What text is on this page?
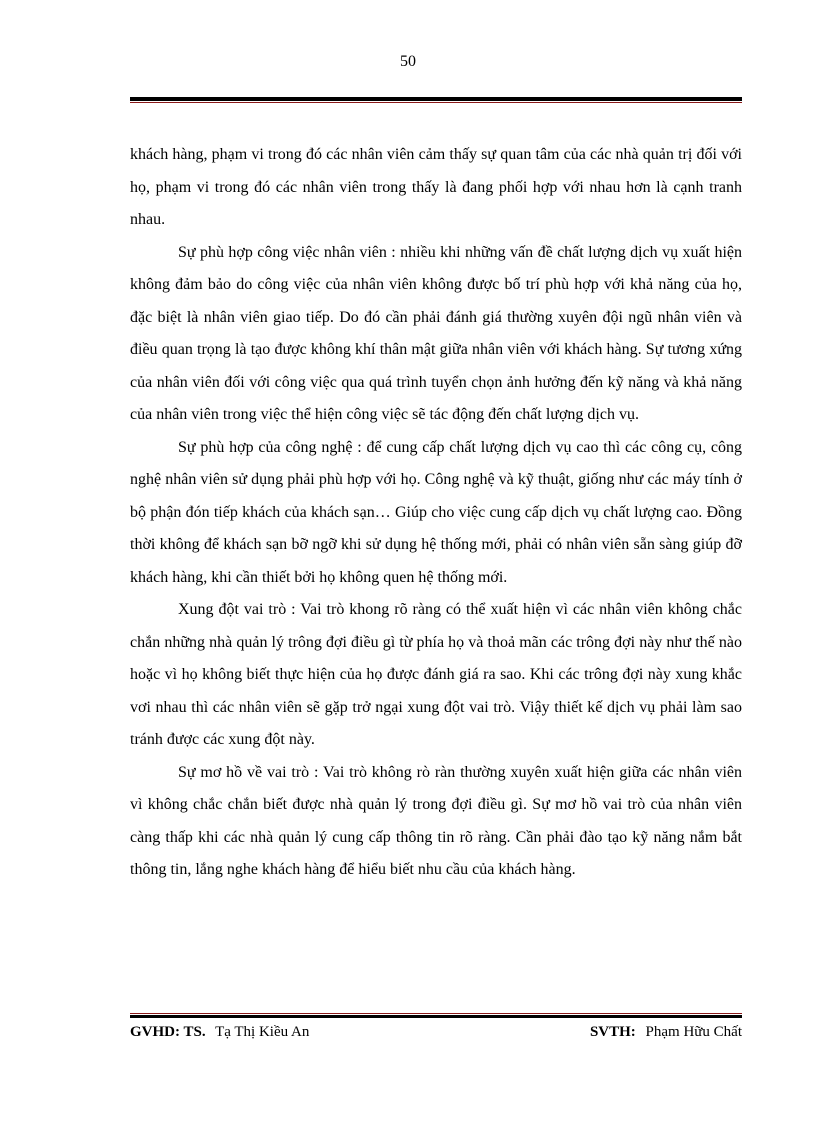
50

khách hàng, phạm vi trong đó các nhân viên cảm thấy sự quan tâm của các nhà quản trị đối với họ, phạm vi trong đó các nhân viên trong thấy là đang phối hợp với nhau hơn là cạnh tranh nhau.

Sự phù hợp công việc nhân viên : nhiều khi những vấn đề chất lượng dịch vụ xuất hiện không đảm bảo do công việc của nhân viên không được bố trí phù hợp với khả năng của họ, đặc biệt là nhân viên giao tiếp. Do đó cần phải đánh giá thường xuyên đội ngũ nhân viên và điều quan trọng là tạo được không khí thân mật giữa nhân viên với khách hàng. Sự tương xứng của nhân viên đối với công việc qua quá trình tuyển chọn ảnh hưởng đến kỹ năng và khả năng của nhân viên trong việc thể hiện công việc sẽ tác động đến chất lượng dịch vụ.

Sự phù hợp của công nghệ : để cung cấp chất lượng dịch vụ cao thì các công cụ, công nghệ nhân viên sử dụng phải phù hợp với họ. Công nghệ và kỹ thuật, giống như các máy tính ở bộ phận đón tiếp khách của khách sạn… Giúp cho việc cung cấp dịch vụ chất lượng cao. Đồng thời không để khách sạn bỡ ngỡ khi sử dụng hệ thống mới, phải có nhân viên sẵn sàng giúp đỡ khách hàng, khi cần thiết bởi họ không quen hệ thống mới.

Xung đột vai trò : Vai trò khong rõ ràng có thể xuất hiện vì các nhân viên không chắc chắn những nhà quản lý trông đợi điều gì từ phía họ và thoả mãn các trông đợi này như thế nào hoặc vì họ không biết thực hiện của họ được đánh giá ra sao. Khi các trông đợi này xung khắc vơi nhau thì các nhân viên sẽ gặp trở ngại xung đột vai trò. Viậy thiết kế dịch vụ phải làm sao tránh được các xung đột này.

Sự mơ hồ về vai trò : Vai trò không rò ràn thường xuyên xuất hiện giữa các nhân viên vì không chắc chắn biết được nhà quản lý trong đợi điều gì. Sự mơ hồ vai trò của nhân viên càng thấp khi các nhà quản lý cung cấp thông tin rõ ràng. Cần phải đào tạo kỹ năng nắm bắt thông tin, lắng nghe khách hàng để hiểu biết nhu cầu của khách hàng.

GVHD: TS. Tạ Thị Kiều An	SVTH: Phạm Hữu Chất
